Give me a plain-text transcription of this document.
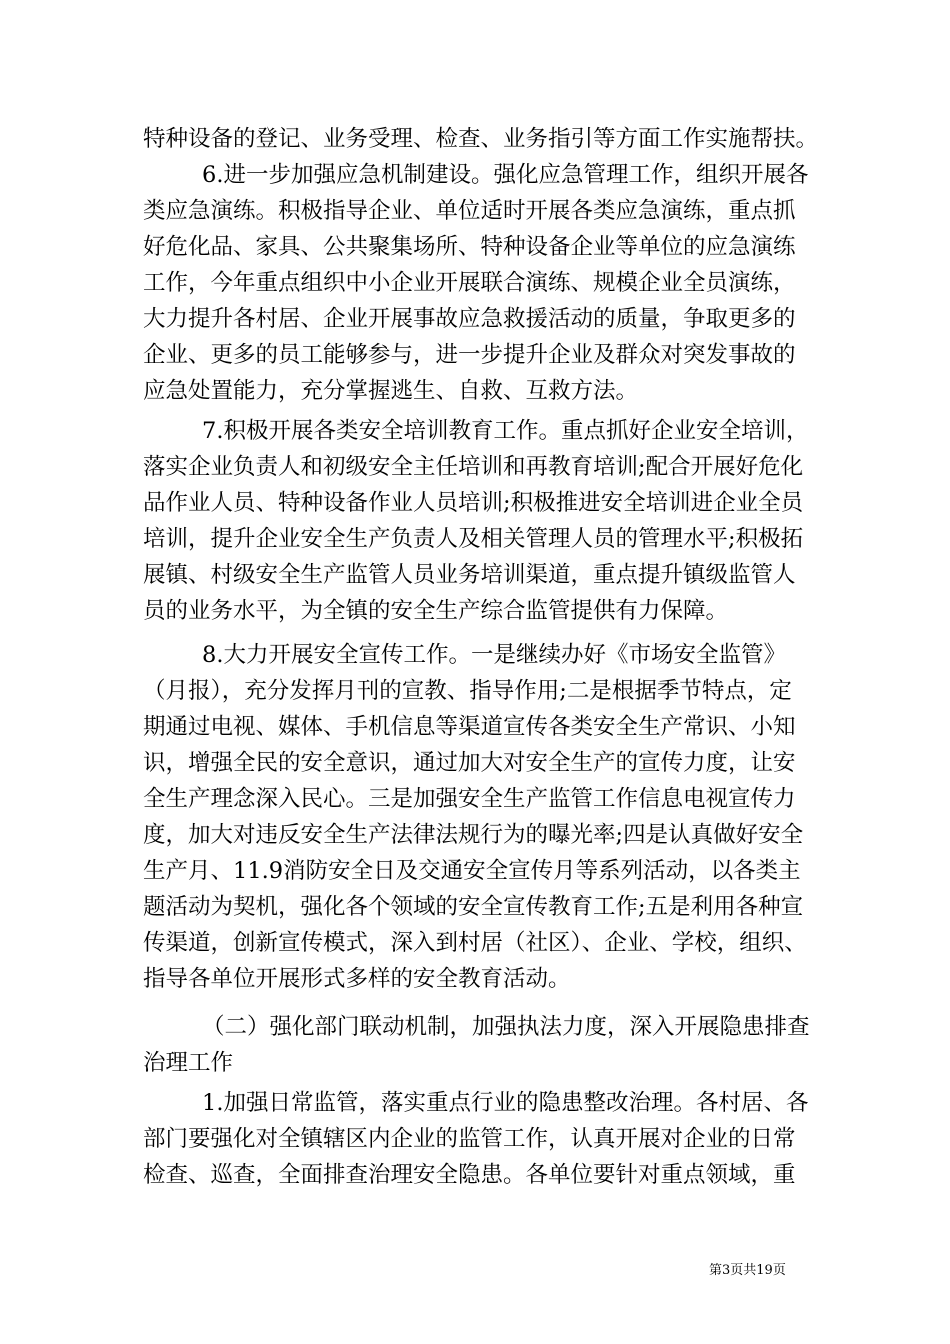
特种设备的登记、业务受理、检查、业务指引等方面工作实施帮扶。
6.进一步加强应急机制建设。强化应急管理工作，组织开展各
类应急演练。积极指导企业、单位适时开展各类应急演练，重点抓
好危化品、家具、公共聚集场所、特种设备企业等单位的应急演练
工作，今年重点组织中小企业开展联合演练、规模企业全员演练，
大力提升各村居、企业开展事故应急救援活动的质量，争取更多的
企业、更多的员工能够参与，进一步提升企业及群众对突发事故的
应急处置能力，充分掌握逃生、自救、互救方法。
7.积极开展各类安全培训教育工作。重点抓好企业安全培训，
落实企业负责人和初级安全主任培训和再教育培训;配合开展好危化
品作业人员、特种设备作业人员培训;积极推进安全培训进企业全员
培训，提升企业安全生产负责人及相关管理人员的管理水平;积极拓
展镇、村级安全生产监管人员业务培训渠道，重点提升镇级监管人
员的业务水平，为全镇的安全生产综合监管提供有力保障。
8.大力开展安全宣传工作。一是继续办好《市场安全监管》
（月报），充分发挥月刊的宣教、指导作用;二是根据季节特点，定
期通过电视、媒体、手机信息等渠道宣传各类安全生产常识、小知
识，增强全民的安全意识，通过加大对安全生产的宣传力度，让安
全生产理念深入民心。三是加强安全生产监管工作信息电视宣传力
度，加大对违反安全生产法律法规行为的曝光率;四是认真做好安全
生产月、11.9消防安全日及交通安全宣传月等系列活动，以各类主
题活动为契机，强化各个领域的安全宣传教育工作;五是利用各种宣
传渠道，创新宣传模式，深入到村居（社区）、企业、学校，组织、
指导各单位开展形式多样的安全教育活动。
（二）强化部门联动机制，加强执法力度，深入开展隐患排查
治理工作
1.加强日常监管，落实重点行业的隐患整改治理。各村居、各
部门要强化对全镇辖区内企业的监管工作，认真开展对企业的日常
检查、巡查，全面排查治理安全隐患。各单位要针对重点领域，重
第3页共19页
